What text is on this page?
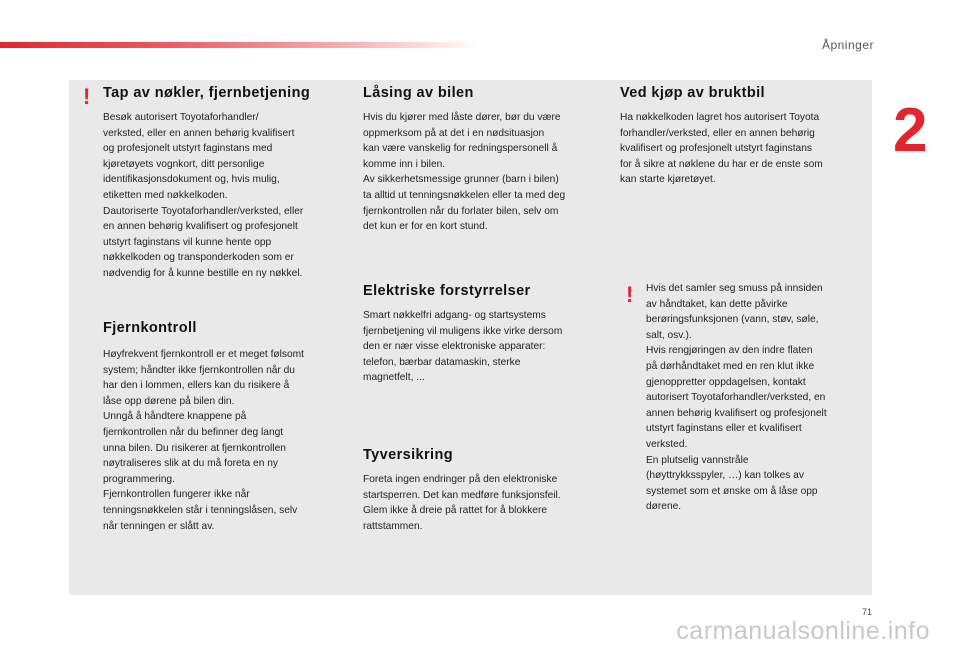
Åpninger
2
! Tap av nøkler, fjernbetjening

Besøk autorisert Toyotaforhandler/
verksted, eller en annen behørig kvalifisert
og profesjonelt utstyrt faginstans med
kjøretøyets vognkort, ditt personlige
identifikasjonsdokument og, hvis mulig,
etiketten med nøkkelkoden.
Dautoriserte Toyotaforhandler/verksted, eller
en annen behørig kvalifisert og profesjonelt
utstyrt faginstans vil kunne hente opp
nøkkelkoden og transponderkoden som er
nødvendig for å kunne bestille en ny nøkkel.

Fjernkontroll

Høyfrekvent fjernkontroll er et meget følsomt
system; håndter ikke fjernkontrollen når du
har den i lommen, ellers kan du risikere å
låse opp dørene på bilen din.
Unngå å håndtere knappene på
fjernkontrollen når du befinner deg langt
unna bilen. Du risikerer at fjernkontrollen
nøytraliseres slik at du må foreta en ny
programmering.
Fjernkontrollen fungerer ikke når
tenningsnøkkelen står i tenningslåsen, selv
når tenningen er slått av.

Låsing av bilen

Hvis du kjører med låste dører, bør du være
oppmerksom på at det i en nødsituasjon
kan være vanskelig for redningspersonell å
komme inn i bilen.
Av sikkerhetsmessige grunner (barn i bilen)
ta alltid ut tenningsnøkkelen eller ta med deg
fjernkontrollen når du forlater bilen, selv om
det kun er for en kort stund.

Elektriske forstyrrelser

Smart nøkkelfri adgang- og startsystems
fjernbetjening vil muligens ikke virke dersom
den er nær visse elektroniske apparater:
telefon, bærbar datamaskin, sterke
magnetfelt, ...

Tyversikring

Foreta ingen endringer på den elektroniske
startsperren. Det kan medføre funksjonsfeil.
Glem ikke å dreie på rattet for å blokkere
rattstammen.

Ved kjøp av bruktbil

Ha nøkkelkoden lagret hos autorisert Toyota
forhandler/verksted, eller en annen behørig
kvalifisert og profesjonelt utstyrt faginstans
for å sikre at nøklene du har er de enste som
kan starte kjøretøyet.

! Hvis det samler seg smuss på innsiden
av håndtaket, kan dette påvirke
berøringsfunksjonen (vann, støv, søle,
salt, osv.).
Hvis rengjøringen av den indre flaten
på dørhåndtaket med en ren klut ikke
gjenoppretter oppdagelsen, kontakt
autorisert Toyotaforhandler/verksted, en
annen behørig kvalifisert og profesjonelt
utstyrt faginstans eller et kvalifisert
verksted.
En plutselig vannstråle
(høyttrykksspyler, …) kan tolkes av
systemet som et ønske om å låse opp
dørene.

71
carmanualsonline.info
